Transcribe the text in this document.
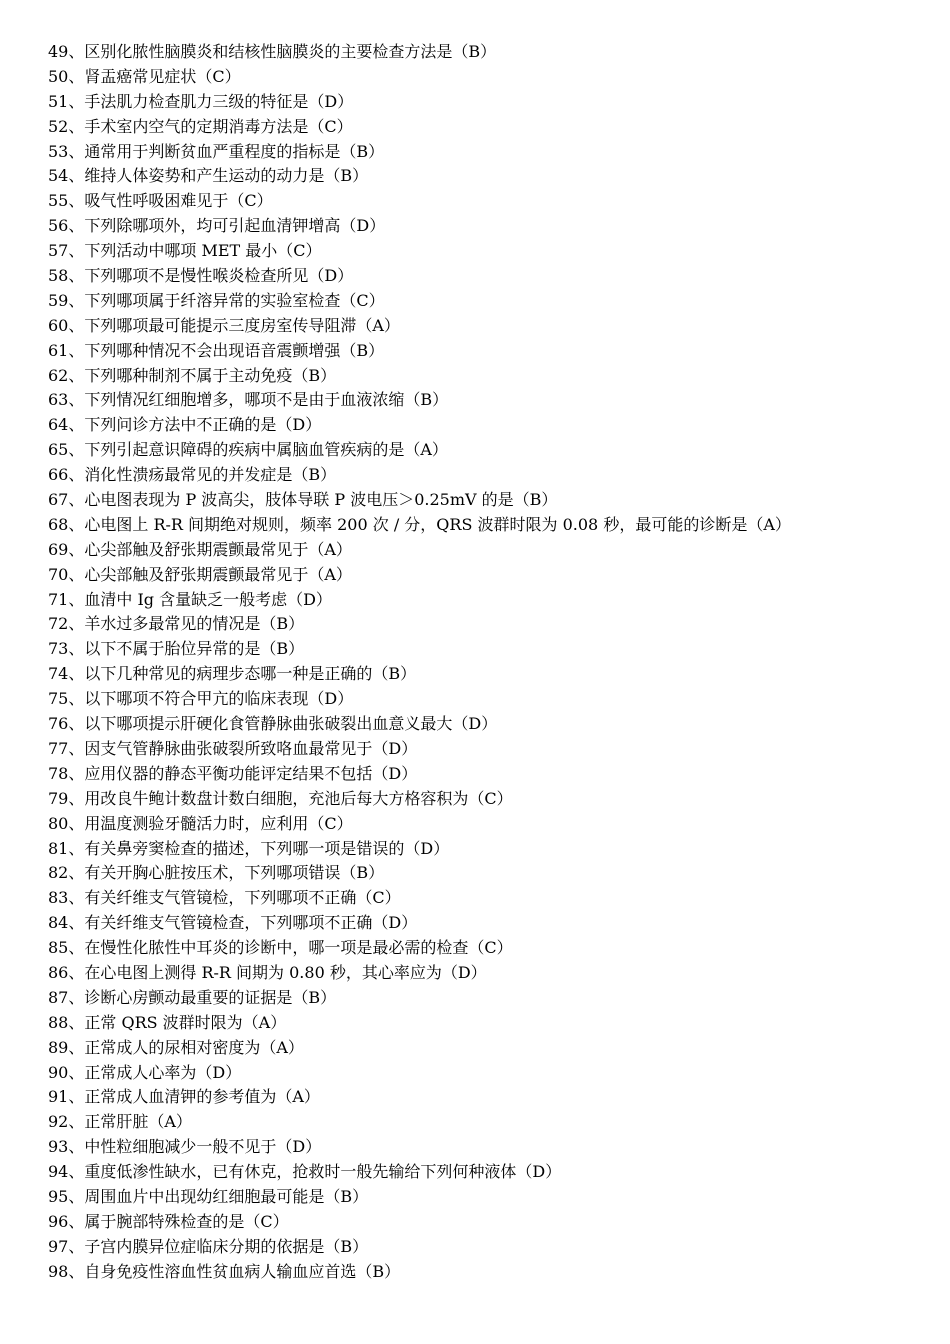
49、区别化脓性脑膜炎和结核性脑膜炎的主要检查方法是（B）
50、肾盂癌常见症状（C）
51、手法肌力检查肌力三级的特征是（D）
52、手术室内空气的定期消毒方法是（C）
53、通常用于判断贫血严重程度的指标是（B）
54、维持人体姿势和产生运动的动力是（B）
55、吸气性呼吸困难见于（C）
56、下列除哪项外，均可引起血清钾增高（D）
57、下列活动中哪项 MET 最小（C）
58、下列哪项不是慢性喉炎检查所见（D）
59、下列哪项属于纤溶异常的实验室检查（C）
60、下列哪项最可能提示三度房室传导阻滞（A）
61、下列哪种情况不会出现语音震颤增强（B）
62、下列哪种制剂不属于主动免疫（B）
63、下列情况红细胞增多，哪项不是由于血液浓缩（B）
64、下列问诊方法中不正确的是（D）
65、下列引起意识障碍的疾病中属脑血管疾病的是（A）
66、消化性溃疡最常见的并发症是（B）
67、心电图表现为 P 波高尖，肢体导联 P 波电压＞0.25mV 的是（B）
68、心电图上 R-R 间期绝对规则，频率 200 次 / 分，QRS 波群时限为 0.08 秒，最可能的诊断是（A）
69、心尖部触及舒张期震颤最常见于（A）
70、心尖部触及舒张期震颤最常见于（A）
71、血清中 Ig 含量缺乏一般考虑（D）
72、羊水过多最常见的情况是（B）
73、以下不属于胎位异常的是（B）
74、以下几种常见的病理步态哪一种是正确的（B）
75、以下哪项不符合甲亢的临床表现（D）
76、以下哪项提示肝硬化食管静脉曲张破裂出血意义最大（D）
77、因支气管静脉曲张破裂所致咯血最常见于（D）
78、应用仪器的静态平衡功能评定结果不包括（D）
79、用改良牛鲍计数盘计数白细胞，充池后每大方格容积为（C）
80、用温度测验牙髓活力时，应利用（C）
81、有关鼻旁窦检查的描述，下列哪一项是错误的（D）
82、有关开胸心脏按压术，下列哪项错误（B）
83、有关纤维支气管镜检，下列哪项不正确（C）
84、有关纤维支气管镜检查，下列哪项不正确（D）
85、在慢性化脓性中耳炎的诊断中，哪一项是最必需的检查（C）
86、在心电图上测得 R-R 间期为 0.80 秒，其心率应为（D）
87、诊断心房颤动最重要的证据是（B）
88、正常 QRS 波群时限为（A）
89、正常成人的尿相对密度为（A）
90、正常成人心率为（D）
91、正常成人血清钾的参考值为（A）
92、正常肝脏（A）
93、中性粒细胞减少一般不见于（D）
94、重度低渗性缺水，已有休克，抢救时一般先输给下列何种液体（D）
95、周围血片中出现幼红细胞最可能是（B）
96、属于腕部特殊检查的是（C）
97、子宫内膜异位症临床分期的依据是（B）
98、自身免疫性溶血性贫血病人输血应首选（B）
